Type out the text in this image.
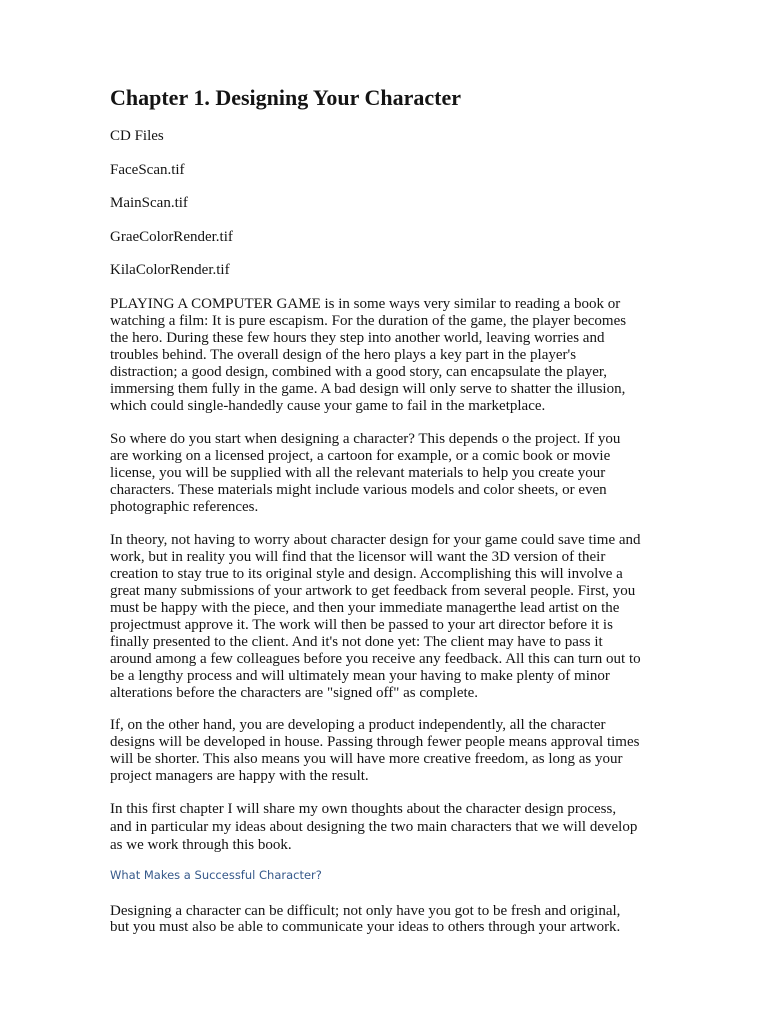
Chapter 1. Designing Your Character
CD Files
FaceScan.tif
MainScan.tif
GraeColorRender.tif
KilaColorRender.tif
PLAYING A COMPUTER GAME is in some ways very similar to reading a book or
watching a film: It is pure escapism. For the duration of the game, the player becomes
the hero. During these few hours they step into another world, leaving worries and
troubles behind. The overall design of the hero plays a key part in the player's
distraction; a good design, combined with a good story, can encapsulate the player,
immersing them fully in the game. A bad design will only serve to shatter the illusion,
which could single-handedly cause your game to fail in the marketplace.
So where do you start when designing a character? This depends o the project. If you
are working on a licensed project, a cartoon for example, or a comic book or movie
license, you will be supplied with all the relevant materials to help you create your
characters. These materials might include various models and color sheets, or even
photographic references.
In theory, not having to worry about character design for your game could save time and
work, but in reality you will find that the licensor will want the 3D version of their
creation to stay true to its original style and design. Accomplishing this will involve a
great many submissions of your artwork to get feedback from several people. First, you
must be happy with the piece, and then your immediate managerthe lead artist on the
projectmust approve it. The work will then be passed to your art director before it is
finally presented to the client. And it's not done yet: The client may have to pass it
around among a few colleagues before you receive any feedback. All this can turn out to
be a lengthy process and will ultimately mean your having to make plenty of minor
alterations before the characters are "signed off" as complete.
If, on the other hand, you are developing a product independently, all the character
designs will be developed in house. Passing through fewer people means approval times
will be shorter. This also means you will have more creative freedom, as long as your
project managers are happy with the result.
In this first chapter I will share my own thoughts about the character design process,
and in particular my ideas about designing the two main characters that we will develop
as we work through this book.
What Makes a Successful Character?
Designing a character can be difficult; not only have you got to be fresh and original,
but you must also be able to communicate your ideas to others through your artwork.
